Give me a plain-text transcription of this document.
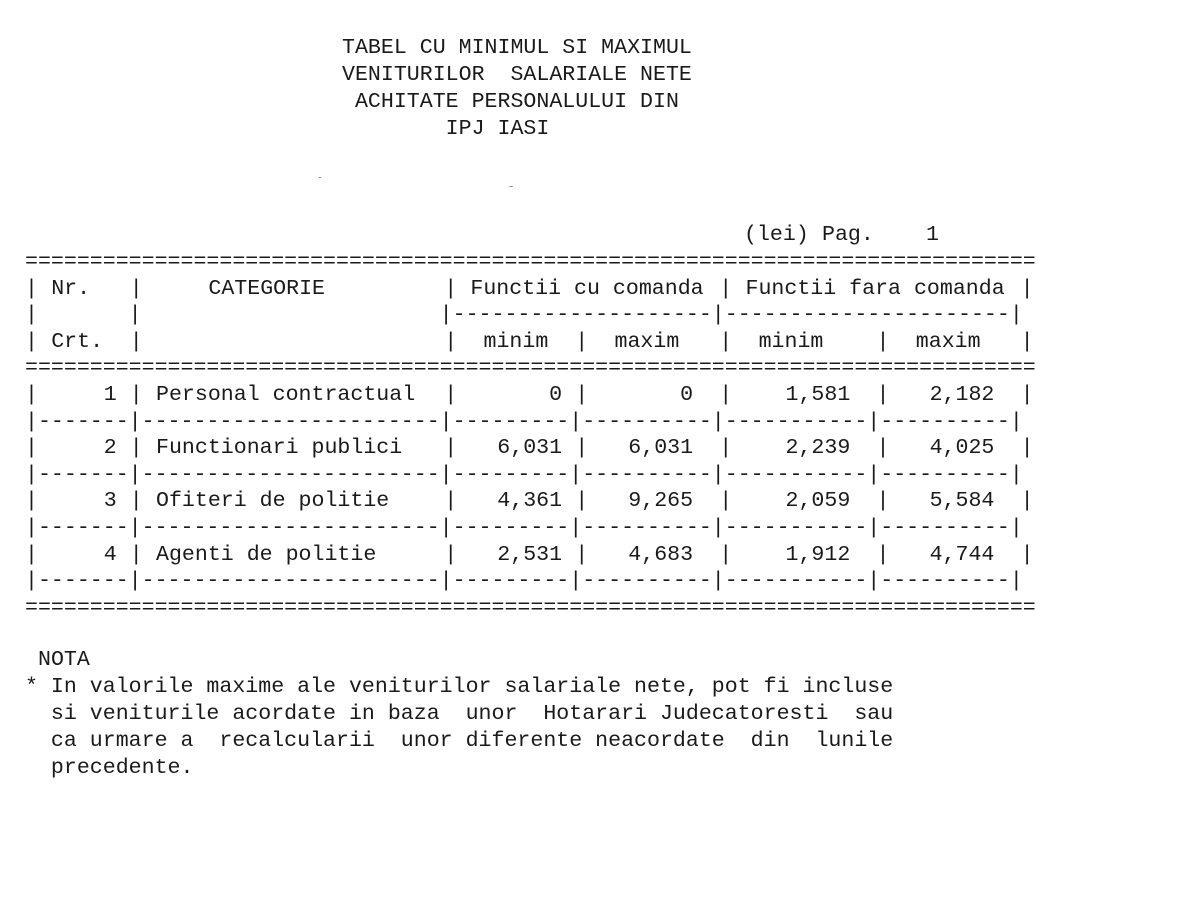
TABEL CU MINIMUL SI MAXIMUL
VENITURILOR  SALARIALE NETE
ACHITATE PERSONALULUI DIN
IPJ IASI
˗	ˍ
(lei) Pag. 1
==============================================================================
| Nr. |	CATEGORIE	| Functii cu comanda | Functii fara comanda |
|       |                       |--------------------|----------------------|
| Crt. |	| minim | maxim | minim | maxim |
==============================================================================
|	1 | Personal contractual |	0 |	0 |	1,581 |	2,182 |
|-------|-----------------------|---------|----------|-----------|----------|
|	2 | Functionari publici |	6,031 |	6,031 |	2,239 |	4,025 |
|-------|-----------------------|---------|----------|-----------|----------|
|	3 | Ofiteri de politie	|	4,361 |	9,265 |	2,059 |	5,584 |
|-------|-----------------------|---------|----------|-----------|----------|
|	4 | Agenti de politie	|	2,531 |	4,683 |	1,912 |	4,744 |
|-------|-----------------------|---------|----------|-----------|----------|
==============================================================================
NOTA
* In valorile maxime ale veniturilor salariale nete, pot fi incluse
si veniturile acordate in baza  unor  Hotarari Judecatoresti  sau
ca urmare a  recalcularii  unor diferente neacordate  din  lunile
precedente.
